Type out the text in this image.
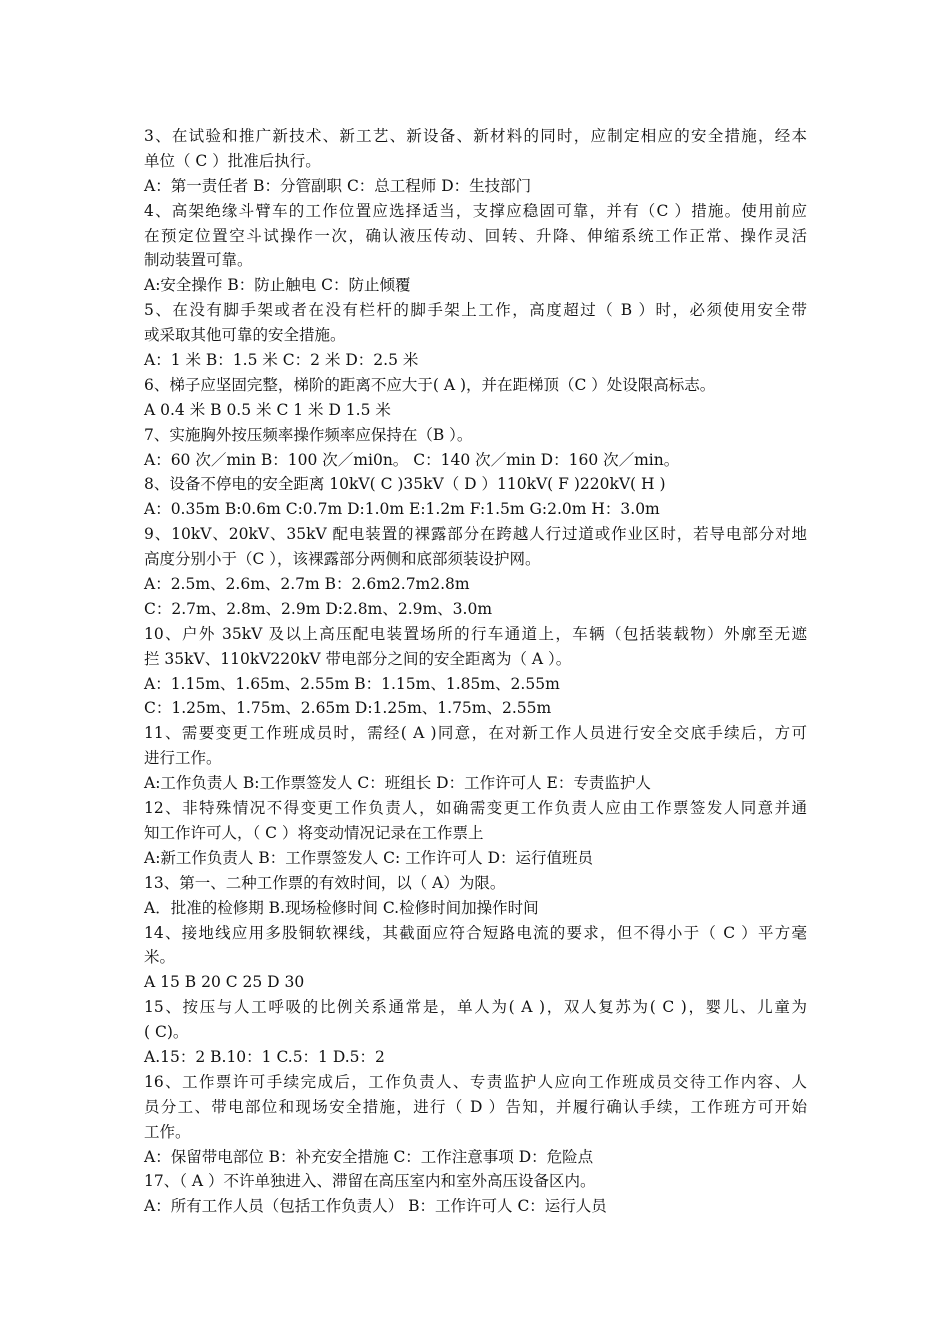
3、在试验和推广新技术、新工艺、新设备、新材料的同时，应制定相应的安全措施，经本
单位（ C ）批准后执行。
A：第一责任者 B：分管副职 C：总工程师 D：生技部门
4、高架绝缘斗臂车的工作位置应选择适当，支撑应稳固可靠，并有（C ）措施。使用前应
在预定位置空斗试操作一次，确认液压传动、回转、升降、伸缩系统工作正常、操作灵活
制动装置可靠。
A:安全操作 B：防止触电 C：防止倾覆
5、在没有脚手架或者在没有栏杆的脚手架上工作，高度超过（ B ）时，必须使用安全带
或采取其他可靠的安全措施。
A：1 米 B：1.5 米 C：2 米 D：2.5 米
6、梯子应坚固完整，梯阶的距离不应大于( A )，并在距梯顶（C ）处设限高标志。
A 0.4 米 B 0.5 米 C 1 米 D 1.5 米
7、实施胸外按压频率操作频率应保持在（B ）。
A：60 次／min B：100 次／mi0n。 C：140 次／min D：160 次／min。
8、设备不停电的安全距离 10kV( C )35kV（ D ）110kV( F )220kV( H )
A：0.35m B:0.6m C:0.7m D:1.0m E:1.2m F:1.5m G:2.0m H：3.0m
9、10kV、20kV、35kV 配电装置的裸露部分在跨越人行过道或作业区时，若导电部分对地
高度分别小于（C ），该裸露部分两侧和底部须装设护网。
A：2.5m、2.6m、2.7m B：2.6m2.7m2.8m
C：2.7m、2.8m、2.9m D:2.8m、2.9m、3.0m
10、户外 35kV 及以上高压配电装置场所的行车通道上，车辆（包括装载物）外廓至无遮
拦 35kV、110kV220kV 带电部分之间的安全距离为（ A ）。
A：1.15m、1.65m、2.55m B：1.15m、1.85m、2.55m
C：1.25m、1.75m、2.65m D:1.25m、1.75m、2.55m
11、需要变更工作班成员时，需经( A )同意，在对新工作人员进行安全交底手续后，方可
进行工作。
A:工作负责人 B:工作票签发人 C：班组长 D：工作许可人 E：专责监护人
12、非特殊情况不得变更工作负责人，如确需变更工作负责人应由工作票签发人同意并通
知工作许可人，（ C ）将变动情况记录在工作票上
A:新工作负责人 B：工作票签发人 C: 工作许可人 D：运行值班员
13、第一、二种工作票的有效时间，以（ A）为限。
A．批准的检修期 B.现场检修时间 C.检修时间加操作时间
14、接地线应用多股铜软裸线，其截面应符合短路电流的要求，但不得小于（ C ）平方毫
米。
A 15 B 20 C 25 D 30
15、按压与人工呼吸的比例关系通常是，单人为( A )，双人复苏为( C )，婴儿、儿童为
( C)。
A.15：2 B.10：1 C.5：1 D.5：2
16、工作票许可手续完成后，工作负责人、专责监护人应向工作班成员交待工作内容、人
员分工、带电部位和现场安全措施，进行（ D ）告知，并履行确认手续，工作班方可开始
工作。
A：保留带电部位 B：补充安全措施 C：工作注意事项 D：危险点
17、（ A ）不许单独进入、滞留在高压室内和室外高压设备区内。
A：所有工作人员（包括工作负责人） B：工作许可人 C：运行人员
